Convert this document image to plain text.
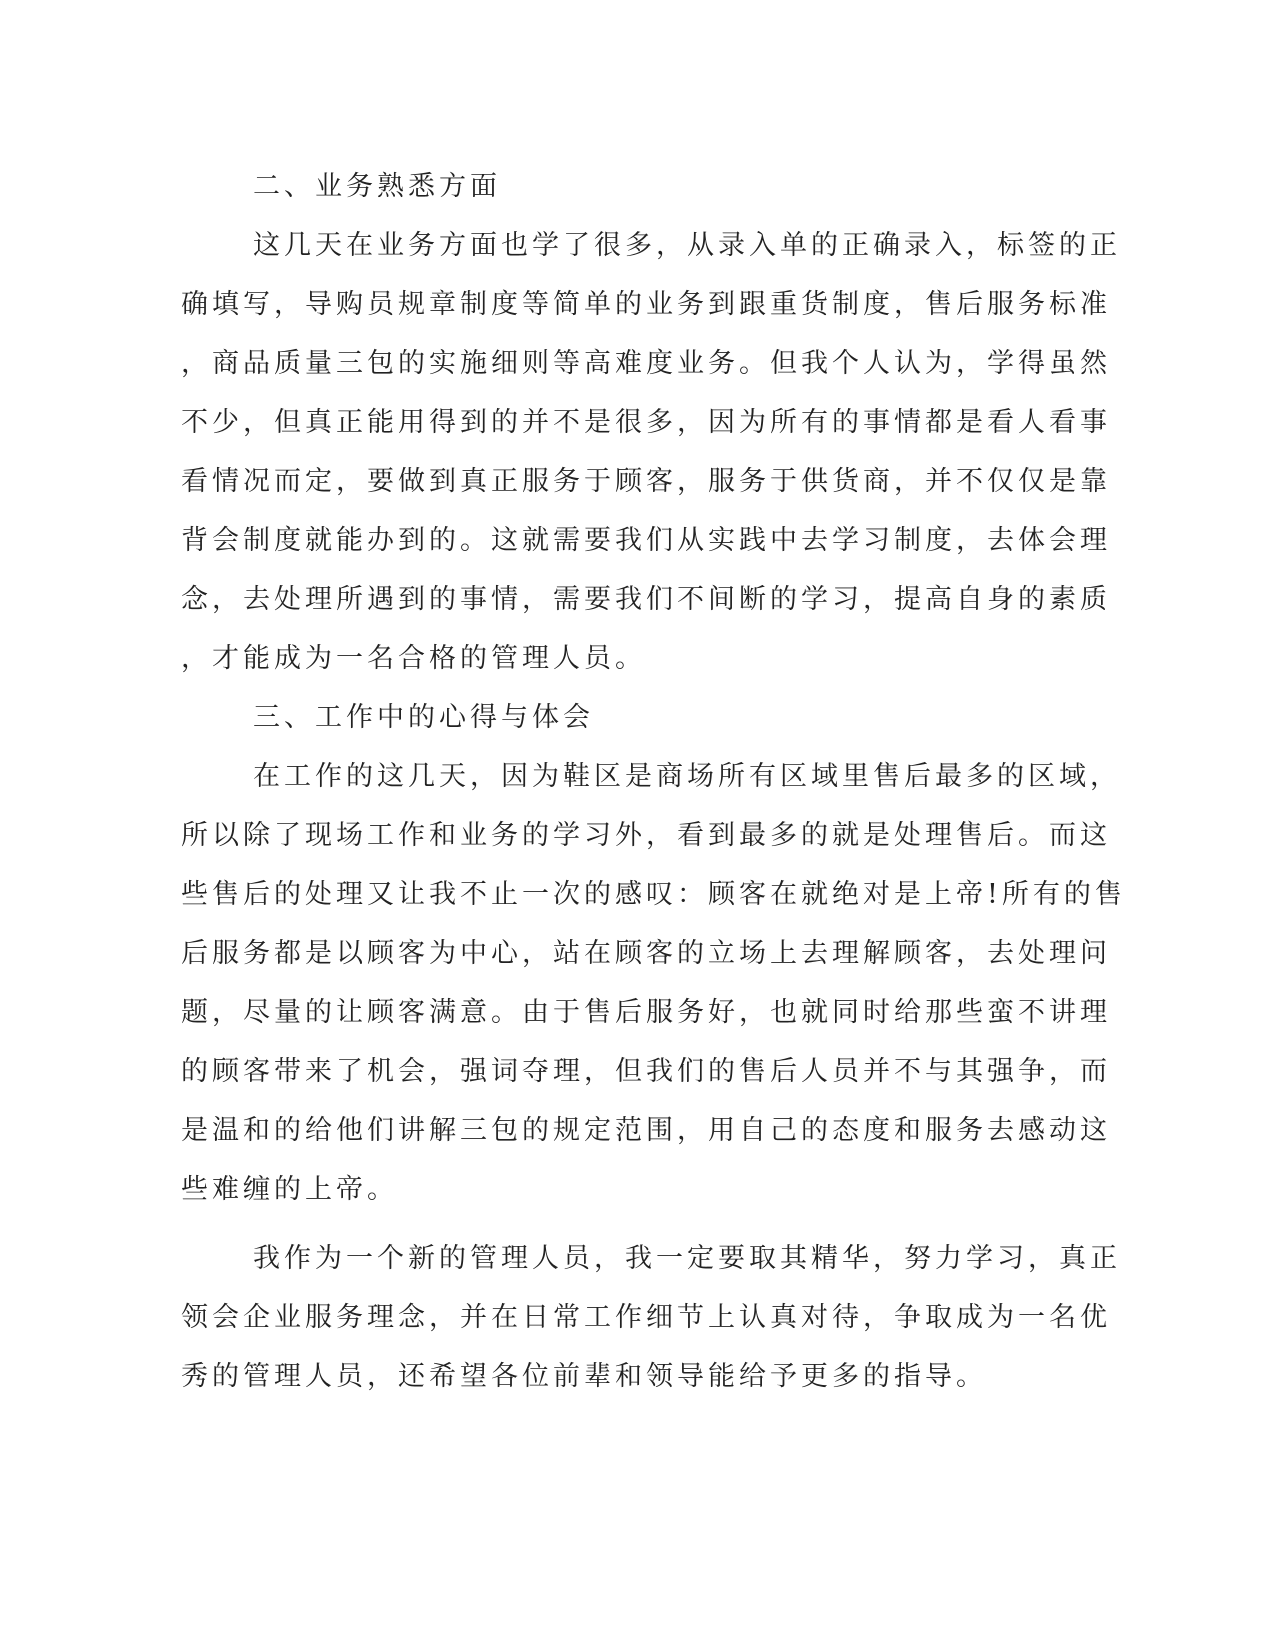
二、业务熟悉方面
这几天在业务方面也学了很多，从录入单的正确录入，标签的正
确填写，导购员规章制度等简单的业务到跟重货制度，售后服务标准
，商品质量三包的实施细则等高难度业务。但我个人认为，学得虽然
不少，但真正能用得到的并不是很多，因为所有的事情都是看人看事
看情况而定，要做到真正服务于顾客，服务于供货商，并不仅仅是靠
背会制度就能办到的。这就需要我们从实践中去学习制度，去体会理
念，去处理所遇到的事情，需要我们不间断的学习，提高自身的素质
，才能成为一名合格的管理人员。
三、工作中的心得与体会
在工作的这几天，因为鞋区是商场所有区域里售后最多的区域，
所以除了现场工作和业务的学习外，看到最多的就是处理售后。而这
些售后的处理又让我不止一次的感叹：顾客在就绝对是上帝!所有的售
后服务都是以顾客为中心，站在顾客的立场上去理解顾客，去处理问
题，尽量的让顾客满意。由于售后服务好，也就同时给那些蛮不讲理
的顾客带来了机会，强词夺理，但我们的售后人员并不与其强争，而
是温和的给他们讲解三包的规定范围，用自己的态度和服务去感动这
些难缠的上帝。
我作为一个新的管理人员，我一定要取其精华，努力学习，真正
领会企业服务理念，并在日常工作细节上认真对待，争取成为一名优
秀的管理人员，还希望各位前辈和领导能给予更多的指导。
